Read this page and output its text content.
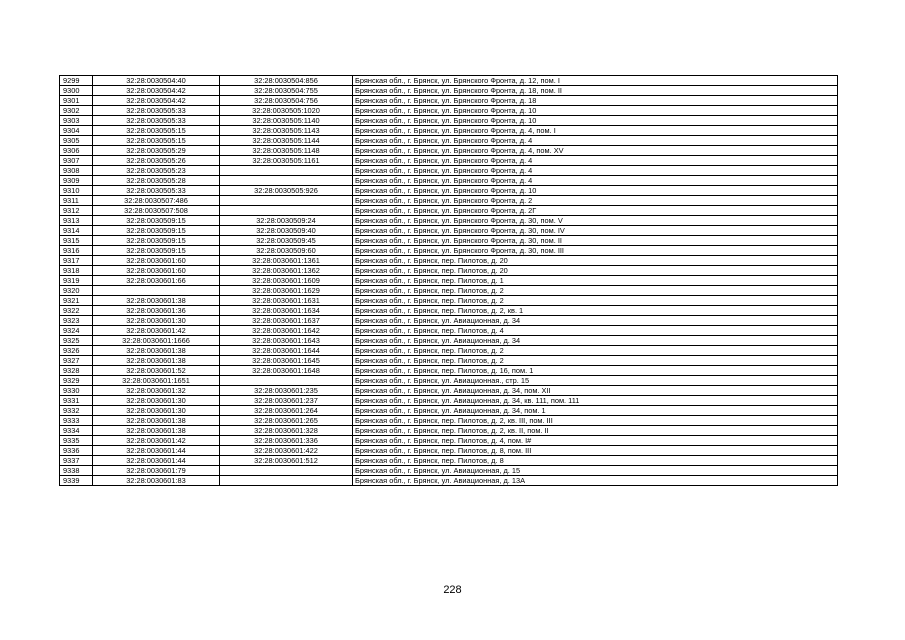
9299	32:28:0030504:40	32:28:0030504:856	Брянская обл., г. Брянск, ул. Брянского Фронта, д. 12, пом. I
9300	32:28:0030504:42	32:28:0030504:755	Брянская обл., г. Брянск, ул. Брянского Фронта, д. 18, пом. II
9301	32:28:0030504:42	32:28:0030504:756	Брянская обл., г. Брянск, ул. Брянского Фронта, д. 18
9302	32:28:0030505:33	32:28:0030505:1020	Брянская обл., г. Брянск, ул. Брянского Фронта, д. 10
9303	32:28:0030505:33	32:28:0030505:1140	Брянская обл., г. Брянск, ул. Брянского Фронта, д. 10
9304	32:28:0030505:15	32:28:0030505:1143	Брянская обл., г. Брянск, ул. Брянского Фронта, д. 4, пом. I
9305	32:28:0030505:15	32:28:0030505:1144	Брянская обл., г. Брянск, ул. Брянского Фронта, д. 4
9306	32:28:0030505:29	32:28:0030505:1148	Брянская обл., г. Брянск, ул. Брянского Фронта, д. 4, пом. XV
9307	32:28:0030505:26	32:28:0030505:1161	Брянская обл., г. Брянск, ул. Брянского Фронта, д. 4
9308	32:28:0030505:23		Брянская обл., г. Брянск, ул. Брянского Фронта, д. 4
9309	32:28:0030505:28		Брянская обл., г. Брянск, ул. Брянского Фронта, д. 4
9310	32:28:0030505:33	32:28:0030505:926	Брянская обл., г. Брянск, ул. Брянского Фронта, д. 10
9311	32:28:0030507:486		Брянская обл., г. Брянск, ул. Брянского Фронта, д. 2
9312	32:28:0030507:508		Брянская обл., г. Брянск, ул. Брянского Фронта, д. 2Г
9313	32:28:0030509:15	32:28:0030509:24	Брянская обл., г. Брянск, ул. Брянского Фронта, д. 30, пом. V
9314	32:28:0030509:15	32:28:0030509:40	Брянская обл., г. Брянск, ул. Брянского Фронта, д. 30, пом. IV
9315	32:28:0030509:15	32:28:0030509:45	Брянская обл., г. Брянск, ул. Брянского Фронта, д. 30, пом. II
9316	32:28:0030509:15	32:28:0030509:60	Брянская обл., г. Брянск, ул. Брянского Фронта, д. 30, пом. III
9317	32:28:0030601:60	32:28:0030601:1361	Брянская обл., г. Брянск, пер. Пилотов, д. 20
9318	32:28:0030601:60	32:28:0030601:1362	Брянская обл., г. Брянск, пер. Пилотов, д. 20
9319	32:28:0030601:66	32:28:0030601:1609	Брянская обл., г. Брянск, пер. Пилотов, д. 1
9320		32:28:0030601:1629	Брянская обл., г. Брянск, пер. Пилотов, д. 2
9321	32:28:0030601:38	32:28:0030601:1631	Брянская обл., г. Брянск, пер. Пилотов, д. 2
9322	32:28:0030601:36	32:28:0030601:1634	Брянская обл., г. Брянск, пер. Пилотов, д. 2, кв. 1
9323	32:28:0030601:30	32:28:0030601:1637	Брянская обл., г. Брянск, ул. Авиационная, д. 34
9324	32:28:0030601:42	32:28:0030601:1642	Брянская обл., г. Брянск, пер. Пилотов, д. 4
9325	32:28:0030601:1666	32:28:0030601:1643	Брянская обл., г. Брянск, ул. Авиационная, д. 34
9326	32:28:0030601:38	32:28:0030601:1644	Брянская обл., г. Брянск, пер. Пилотов, д. 2
9327	32:28:0030601:38	32:28:0030601:1645	Брянская обл., г. Брянск, пер. Пилотов, д. 2
9328	32:28:0030601:52	32:28:0030601:1648	Брянская обл., г. Брянск, пер. Пилотов, д. 16, пом. 1
9329	32:28:0030601:1651		Брянская обл., г. Брянск, ул. Авиационная., стр. 15
9330	32:28:0030601:32	32:28:0030601:235	Брянская обл., г. Брянск, ул. Авиационная, д. 34, пом. XII
9331	32:28:0030601:30	32:28:0030601:237	Брянская обл., г. Брянск, ул. Авиационная, д. 34, кв. 111, пом. 111
9332	32:28:0030601:30	32:28:0030601:264	Брянская обл., г. Брянск, ул. Авиационная, д. 34, пом. 1
9333	32:28:0030601:38	32:28:0030601:265	Брянская обл., г. Брянск, пер. Пилотов, д. 2, кв. III, пом. III
9334	32:28:0030601:38	32:28:0030601:328	Брянская обл., г. Брянск, пер. Пилотов, д. 2, кв. II, пом. II
9335	32:28:0030601:42	32:28:0030601:336	Брянская обл., г. Брянск, пер. Пилотов, д. 4, пом. I#
9336	32:28:0030601:44	32:28:0030601:422	Брянская обл., г. Брянск, пер. Пилотов, д. 8, пом. III
9337	32:28:0030601:44	32:28:0030601:512	Брянская обл., г. Брянск, пер. Пилотов, д. 8
9338	32:28:0030601:79		Брянская обл., г. Брянск, ул. Авиационная, д. 15
9339	32:28:0030601:83		Брянская обл., г. Брянск, ул. Авиационная, д. 13А
228
